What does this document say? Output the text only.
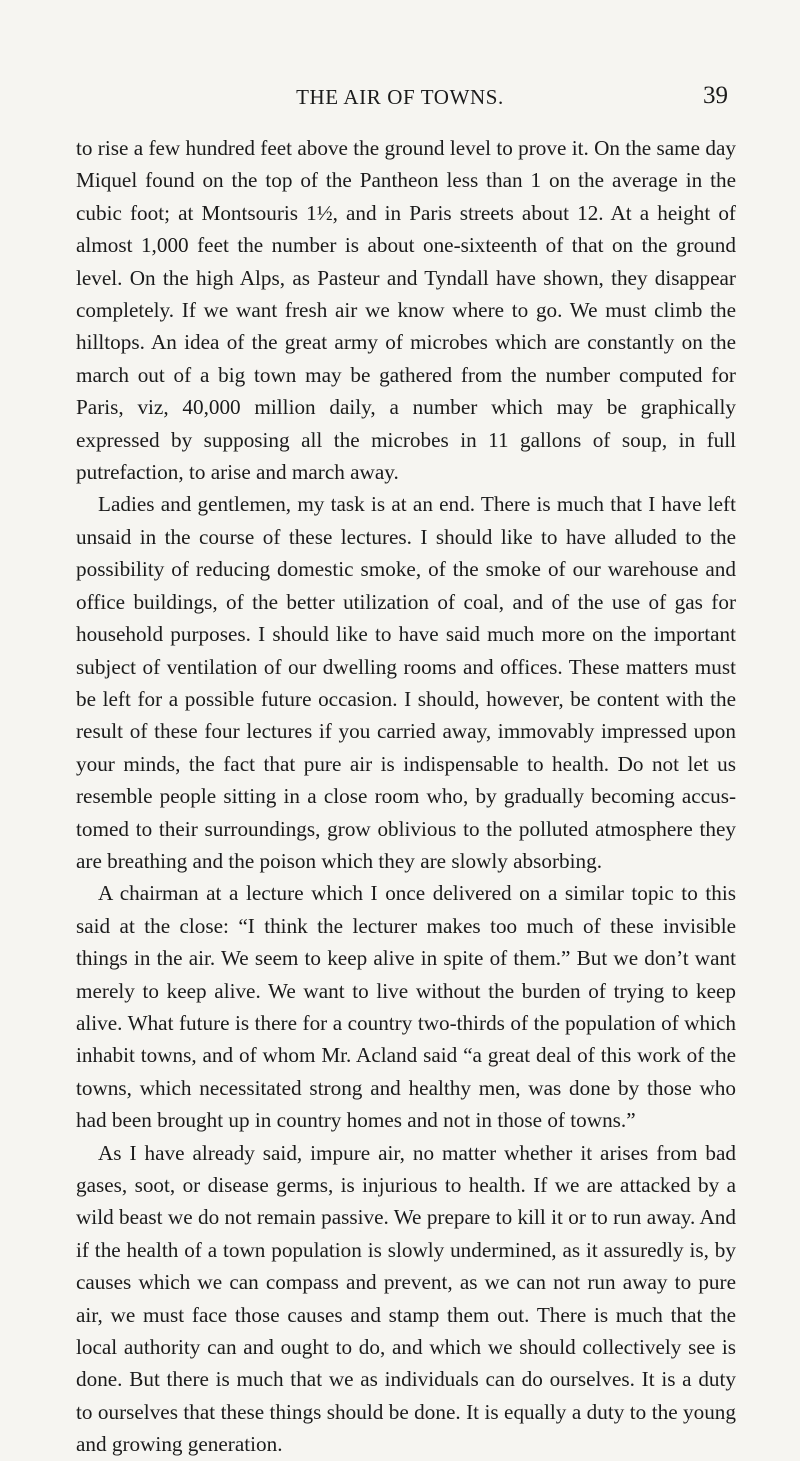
THE AIR OF TOWNS.	39

to rise a few hundred feet above the ground level to prove it. On the same day Miquel found on the top of the Pantheon less than 1 on the average in the cubic foot; at Montsouris 1½, and in Paris streets about 12. At a height of almost 1,000 feet the number is about one-sixteenth of that on the ground level. On the high Alps, as Pasteur and Tyndall have shown, they disappear completely. If we want fresh air we know where to go. We must climb the hilltops. An idea of the great army of microbes which are constantly on the march out of a big town may be gathered from the number computed for Paris, viz, 40,000 million daily, a number which may be graphically expressed by supposing all the microbes in 11 gallons of soup, in full putrefaction, to arise and march away.

Ladies and gentlemen, my task is at an end. There is much that I have left unsaid in the course of these lectures. I should like to have alluded to the possibility of reducing domestic smoke, of the smoke of our warehouse and office buildings, of the better utilization of coal, and of the use of gas for household purposes. I should like to have said much more on the important subject of ventilation of our dwelling rooms and offices. These matters must be left for a possible future occasion. I should, however, be content with the result of these four lectures if you carried away, immovably impressed upon your minds, the fact that pure air is indispensable to health. Do not let us resemble people sitting in a close room who, by gradually becoming accustomed to their surroundings, grow oblivious to the polluted atmosphere they are breathing and the poison which they are slowly absorbing.

A chairman at a lecture which I once delivered on a similar topic to this said at the close: “I think the lecturer makes too much of these invisible things in the air. We seem to keep alive in spite of them.” But we don’t want merely to keep alive. We want to live without the burden of trying to keep alive. What future is there for a country two-thirds of the population of which inhabit towns, and of whom Mr. Acland said “a great deal of this work of the towns, which necessitated strong and healthy men, was done by those who had been brought up in country homes and not in those of towns.”

As I have already said, impure air, no matter whether it arises from bad gases, soot, or disease germs, is injurious to health. If we are attacked by a wild beast we do not remain passive. We prepare to kill it or to run away. And if the health of a town population is slowly undermined, as it assuredly is, by causes which we can compass and prevent, as we can not run away to pure air, we must face those causes and stamp them out. There is much that the local authority can and ought to do, and which we should collectively see is done. But there is much that we as individuals can do ourselves. It is a duty to ourselves that these things should be done. It is equally a duty to the young and growing generation.
